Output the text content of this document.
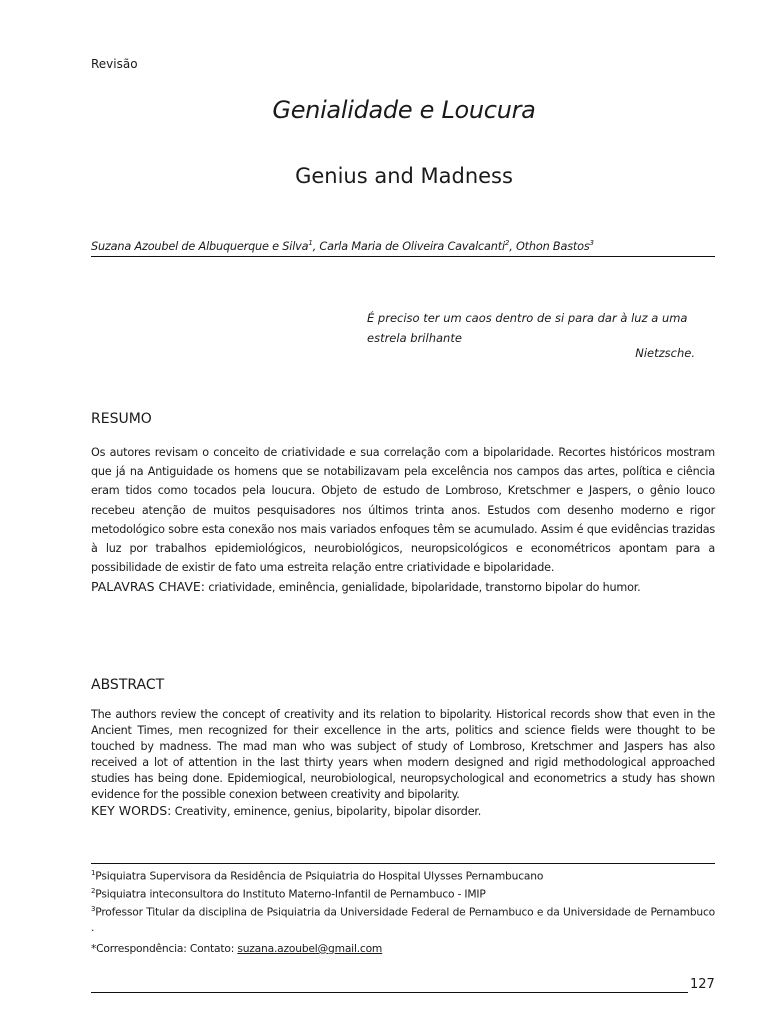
Revisão
Genialidade e Loucura
Genius and Madness
Suzana Azoubel de Albuquerque e Silva$^1$, Carla Maria de Oliveira Cavalcanti$^2$, Othon Bastos$^3$
É preciso ter um caos dentro de si para dar à luz a uma estrela brilhante
Nietzsche.
RESUMO
Os autores revisam o conceito de criatividade e sua correlação com a bipolaridade. Recortes históricos mostram que já na Antiguidade os homens que se notabilizavam pela excelência nos campos das artes, política e ciência eram tidos como tocados pela loucura. Objeto de estudo de Lombroso, Kretschmer e Jaspers, o gênio louco recebeu atenção de muitos pesquisadores nos últimos trinta anos. Estudos com desenho moderno e rigor metodológico sobre esta conexão nos mais variados enfoques têm se acumulado. Assim é que evidências trazidas à luz por trabalhos epidemiológicos, neurobiológicos, neuropsicológicos e econométricos apontam para a possibilidade de existir de fato uma estreita relação entre criatividade e bipolaridade.
PALAVRAS CHAVE: criatividade, eminência, genialidade, bipolaridade, transtorno bipolar do humor.
ABSTRACT
The authors review the concept of creativity and its relation to bipolarity. Historical records show that even in the Ancient Times, men recognized for their excellence in the arts, politics and science fields were thought to be touched by madness. The mad man who was subject of study of Lombroso, Kretschmer and Jaspers has also received a lot of attention in the last thirty years when modern designed and rigid methodological approached studies has being done. Epidemiogical, neurobiological, neuropsychological and econometrics a study has shown evidence for the possible conexion between creativity and bipolarity.
KEY WORDS: Creativity, eminence, genius, bipolarity, bipolar disorder.

$^1$Psiquiatra Supervisora da Residência de Psiquiatria do Hospital Ulysses Pernambucano

$^2$Psiquiatra inteconsultora do Instituto Materno-Infantil de Pernambuco - IMIP

$^3$Professor Titular da disciplina de Psiquiatria da Universidade Federal de Pernambuco e da Universidade de Pernambuco .

*Correspondência: Contato: suzana.azoubel@gmail.com

127
